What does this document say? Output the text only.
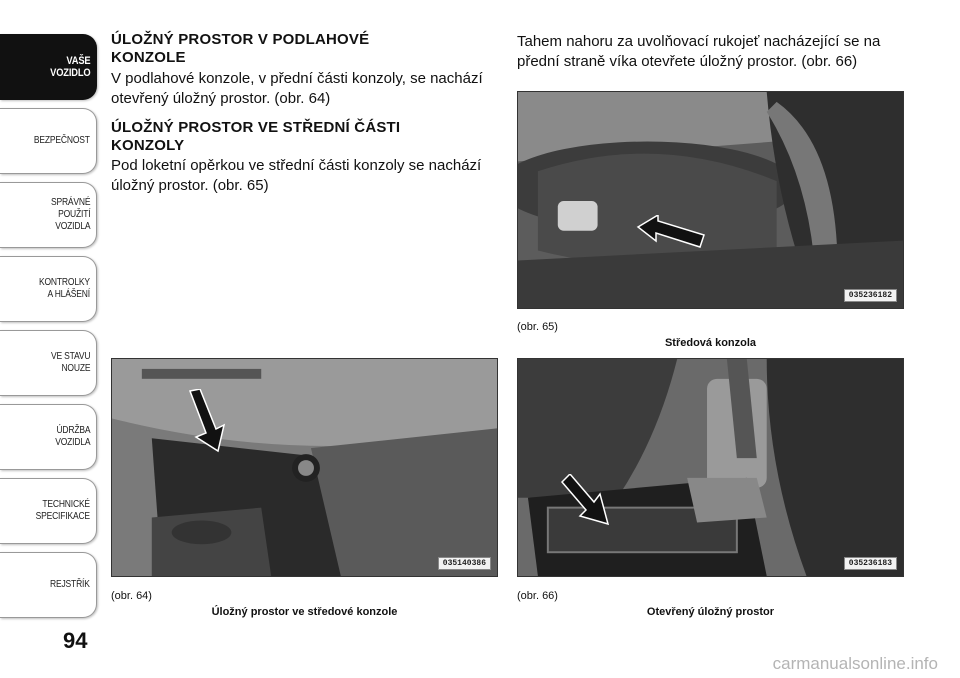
VAŠE
VOZIDLO
BEZPEČNOST
SPRÁVNÉ
POUŽITÍ
VOZIDLA
KONTROLKY
A HLÁŠENÍ
VE STAVU
NOUZE
ÚDRŽBA
VOZIDLA
TECHNICKÉ
SPECIFIKACE
REJSTŘÍK
94
ÚLOŽNÝ PROSTOR V PODLAHOVÉ KONZOLE

V podlahové konzole, v přední části konzoly, se nachází otevřený úložný prostor. (obr. 64)

ÚLOŽNÝ PROSTOR VE STŘEDNÍ ČÁSTI KONZOLY

Pod loketní opěrkou ve střední části konzoly se nachází úložný prostor. (obr. 65)

Tahem nahoru za uvolňovací rukojeť nacházející se na přední straně víka otevřete úložný prostor. (obr. 66)

035236182
(obr. 65)
Středová konzola
035140386
(obr. 64)
Úložný prostor ve středové konzole
035236183
(obr. 66)
Otevřený úložný prostor
carmanualsonline.info
